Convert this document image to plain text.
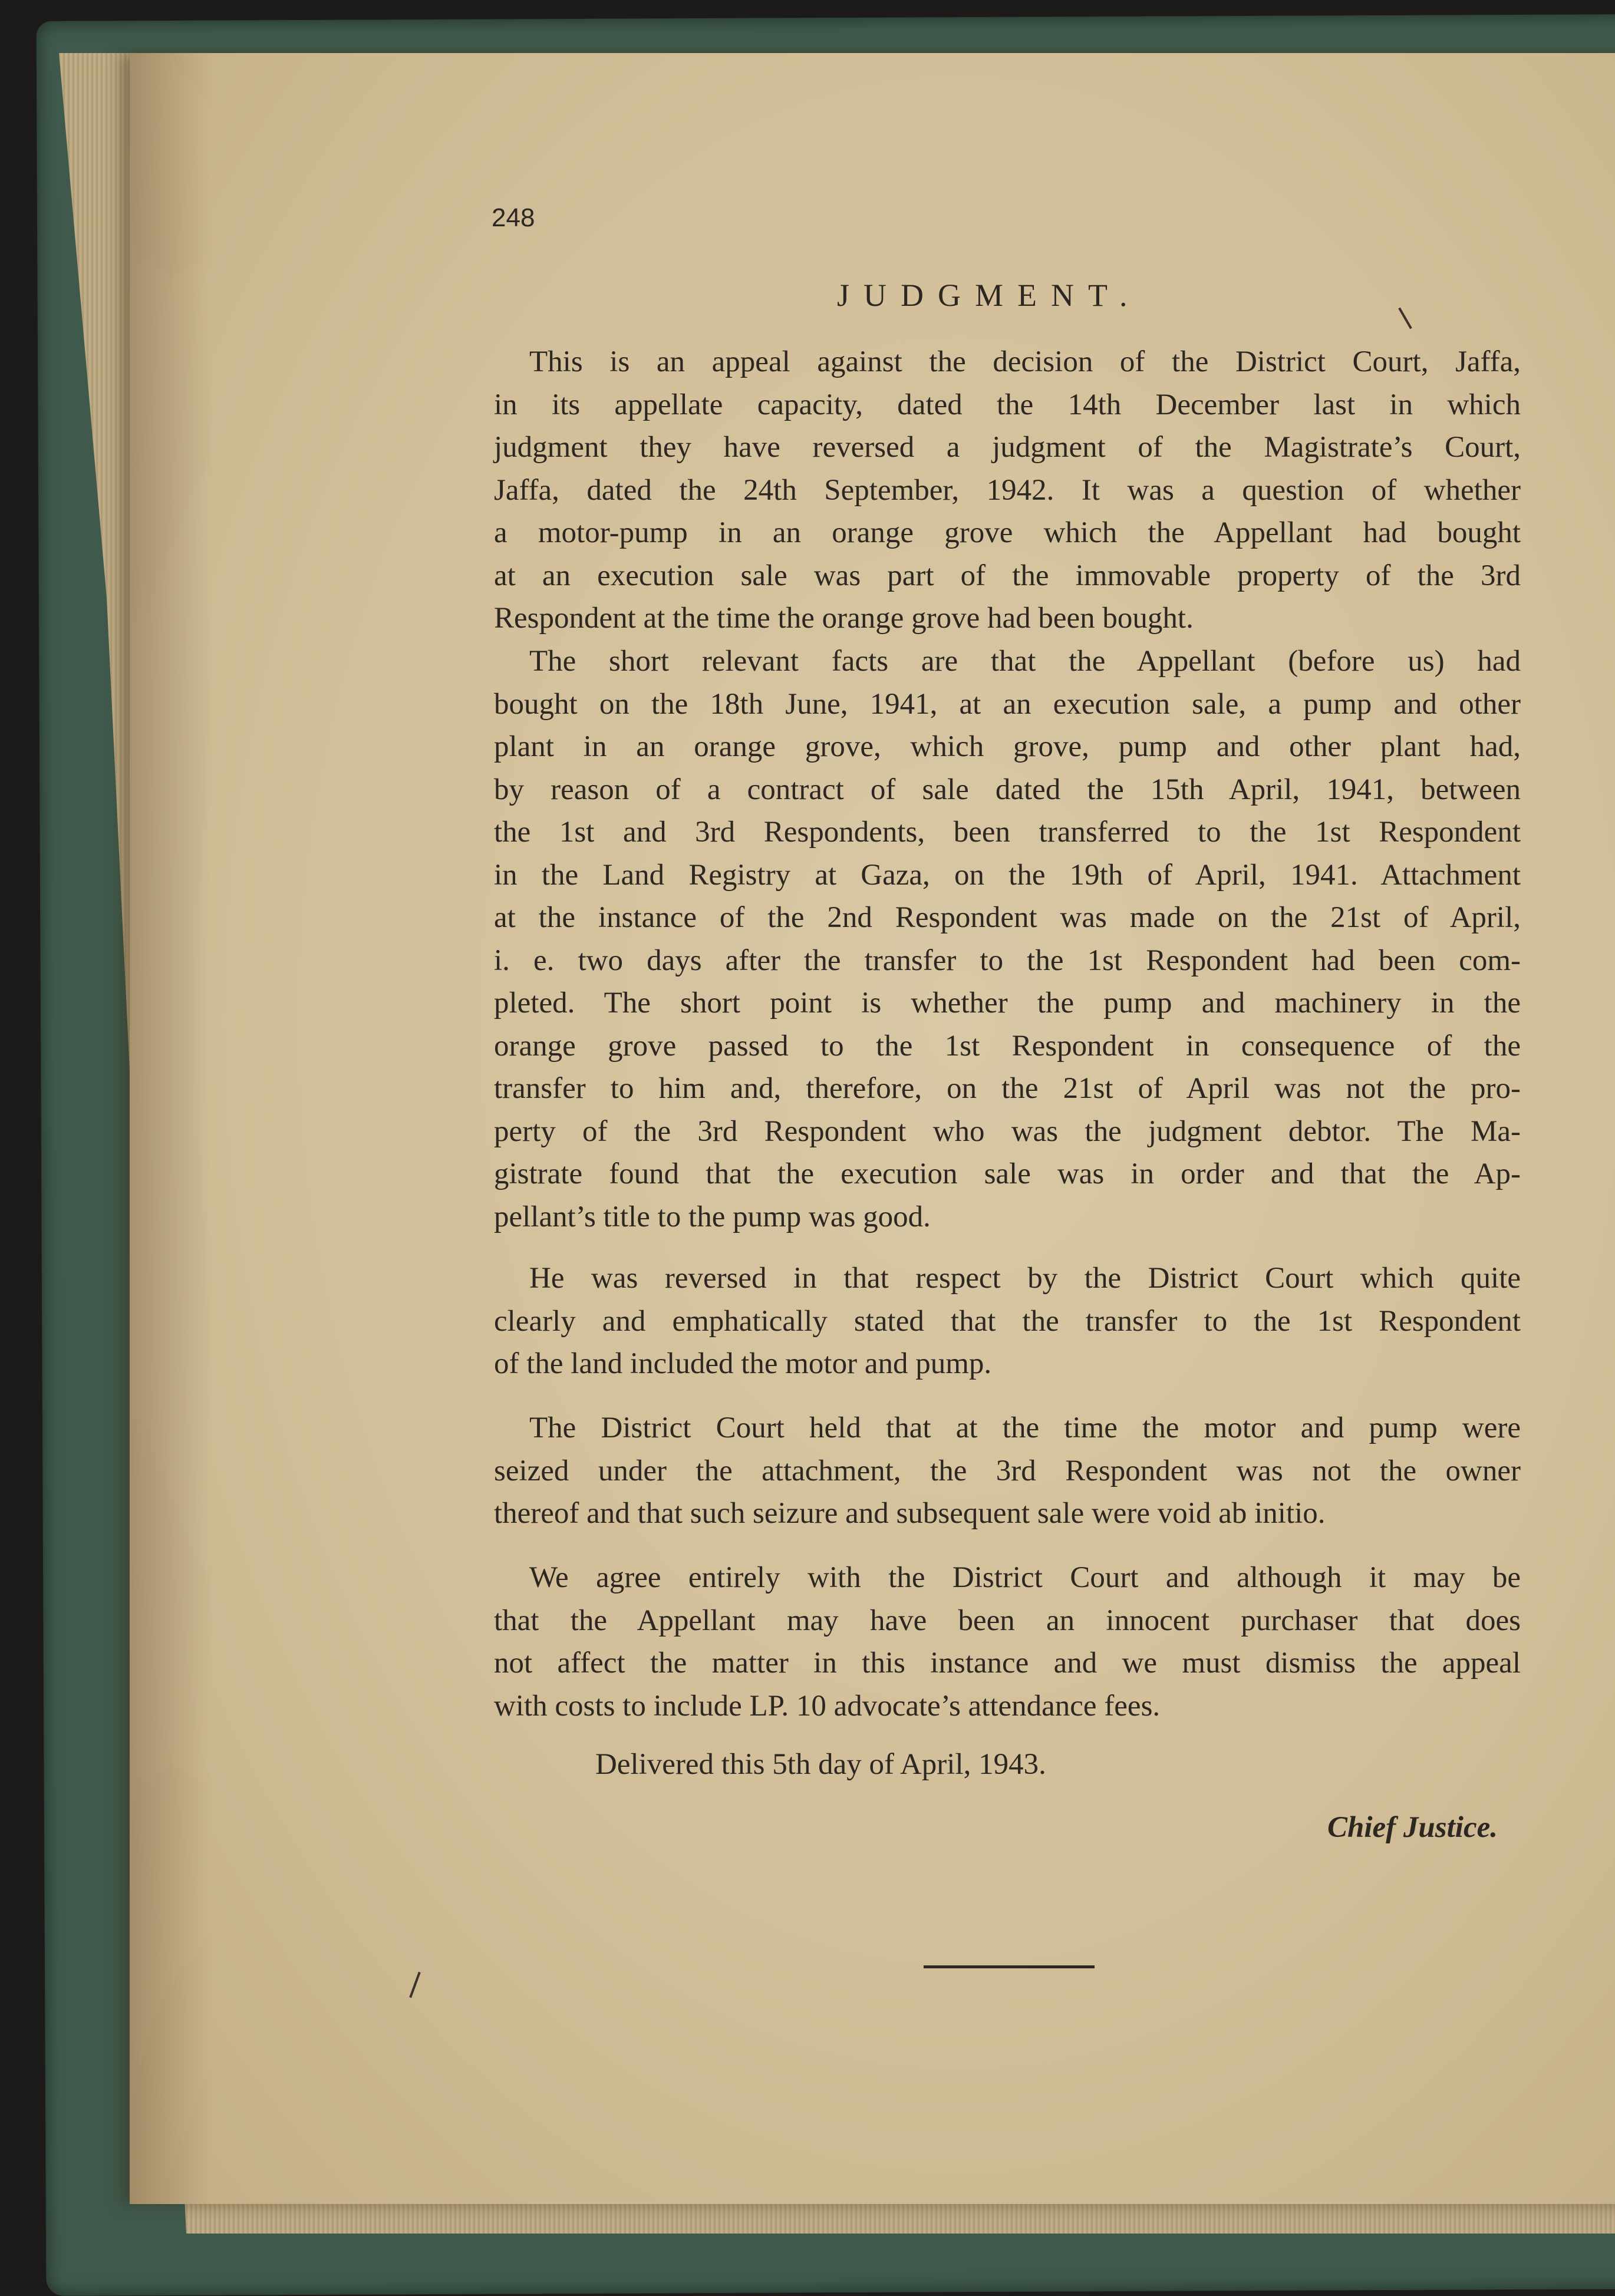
248
JUDGMENT.
This is an appeal against the decision of the District Court, Jaffa,
in its appellate capacity, dated the 14th December last in which
judgment they have reversed a judgment of the Magistrate’s Court,
Jaffa, dated the 24th September, 1942. It was a question of whether
a motor-pump in an orange grove which the Appellant had bought
at an execution sale was part of the immovable property of the 3rd
Respondent at the time the orange grove had been bought.
The short relevant facts are that the Appellant (before us) had
bought on the 18th June, 1941, at an execution sale, a pump and other
plant in an orange grove, which grove, pump and other plant had,
by reason of a contract of sale dated the 15th April, 1941, between
the 1st and 3rd Respondents, been transferred to the 1st Respondent
in the Land Registry at Gaza, on the 19th of April, 1941. Attachment
at the instance of the 2nd Respondent was made on the 21st of April,
i. e. two days after the transfer to the 1st Respondent had been com-
pleted. The short point is whether the pump and machinery in the
orange grove passed to the 1st Respondent in consequence of the
transfer to him and, therefore, on the 21st of April was not the pro-
perty of the 3rd Respondent who was the judgment debtor. The Ma-
gistrate found that the execution sale was in order and that the Ap-
pellant’s title to the pump was good.
He was reversed in that respect by the District Court which quite
clearly and emphatically stated that the transfer to the 1st Respondent
of the land included the motor and pump.
The District Court held that at the time the motor and pump were
seized under the attachment, the 3rd Respondent was not the owner
thereof and that such seizure and subsequent sale were void ab initio.
We agree entirely with the District Court and although it may be
that the Appellant may have been an innocent purchaser that does
not affect the matter in this instance and we must dismiss the appeal
with costs to include LP. 10 advocate’s attendance fees.
Delivered this 5th day of April, 1943.
Chief Justice.
